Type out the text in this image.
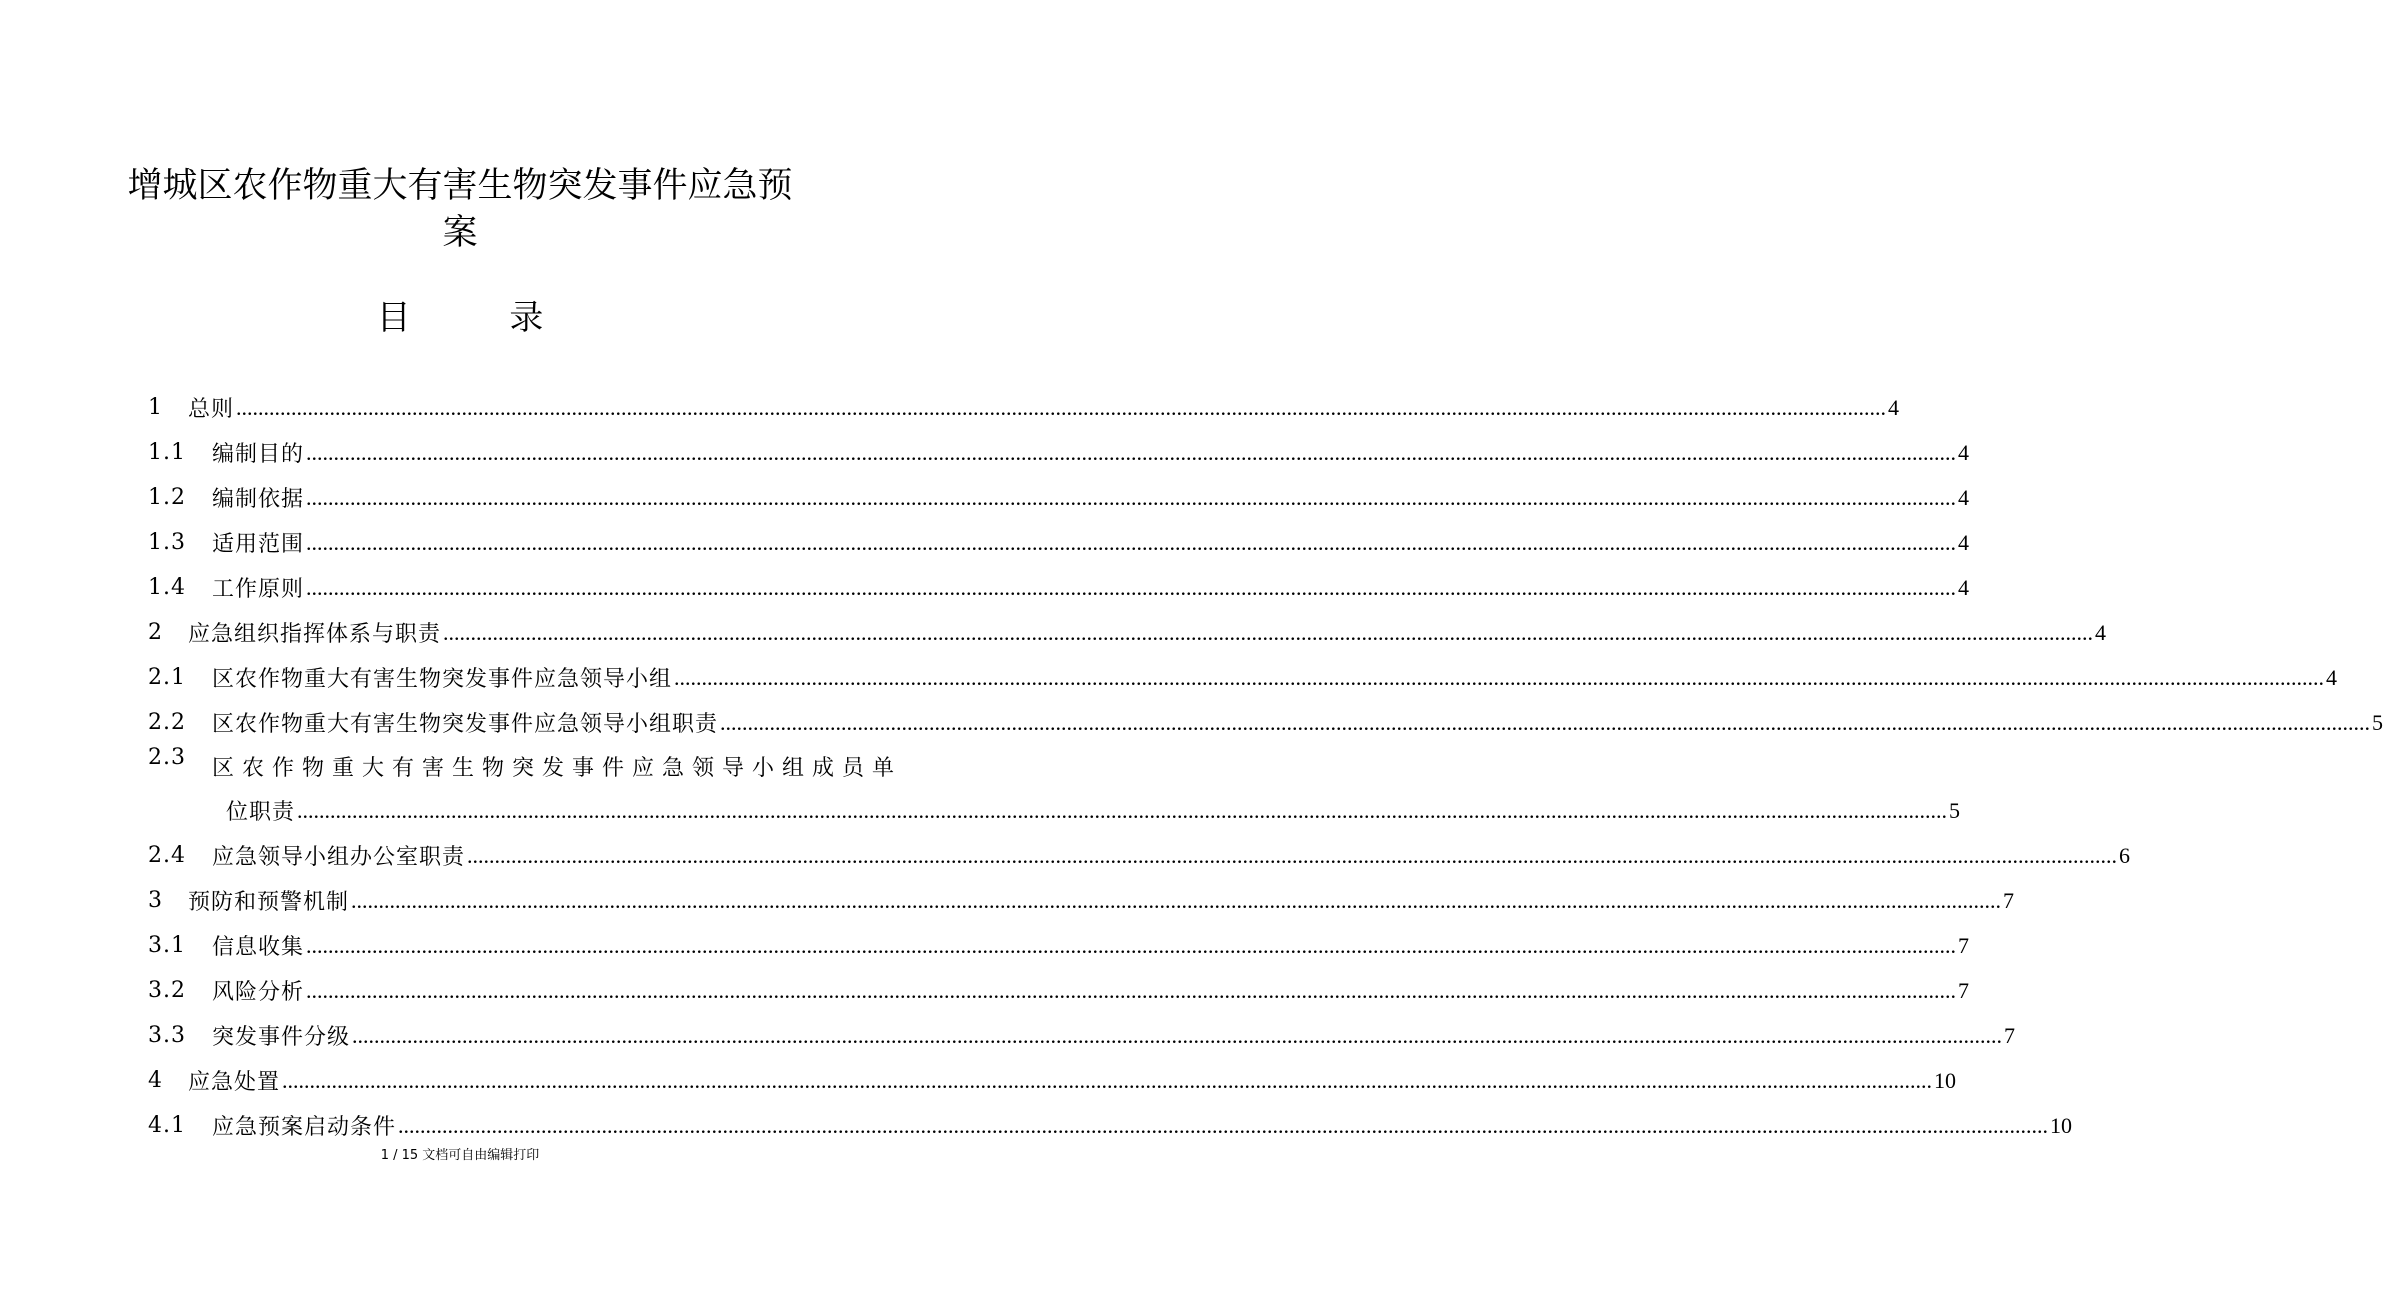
增城区农作物重大有害生物突发事件应急预
案
目 录
1	总则 ............................................................................................................................................................................................................................................................................................................ 4
1.1	编制目的 ............................................................................................................................................................................................................................................................................................................ 4
1.2	编制依据 ............................................................................................................................................................................................................................................................................................................ 4
1.3	适用范围 ............................................................................................................................................................................................................................................................................................................ 4
1.4	工作原则 ............................................................................................................................................................................................................................................................................................................ 4
2	应急组织指挥体系与职责 ............................................................................................................................................................................................................................................................................................................ 4
2.1	区农作物重大有害生物突发事件应急领导小组 ............................................................................................................................................................................................................................................................................................................ 4
2.2	区农作物重大有害生物突发事件应急领导小组职责 ............................................................................................................................................................................................................................................................................................................ 5
2.3	区农作物重大有害生物突发事件应急领导小组成员单
位职责 ............................................................................................................................................................................................................................................................................................................ 5
2.4	应急领导小组办公室职责 ............................................................................................................................................................................................................................................................................................................ 6
3	预防和预警机制 ............................................................................................................................................................................................................................................................................................................ 7
3.1	信息收集 ............................................................................................................................................................................................................................................................................................................ 7
3.2	风险分析 ............................................................................................................................................................................................................................................................................................................ 7
3.3	突发事件分级 ............................................................................................................................................................................................................................................................................................................ 7
4	应急处置 ............................................................................................................................................................................................................................................................................................................ 10
4.1	应急预案启动条件 ............................................................................................................................................................................................................................................................................................................ 10
1 / 15 文档可自由编辑打印
